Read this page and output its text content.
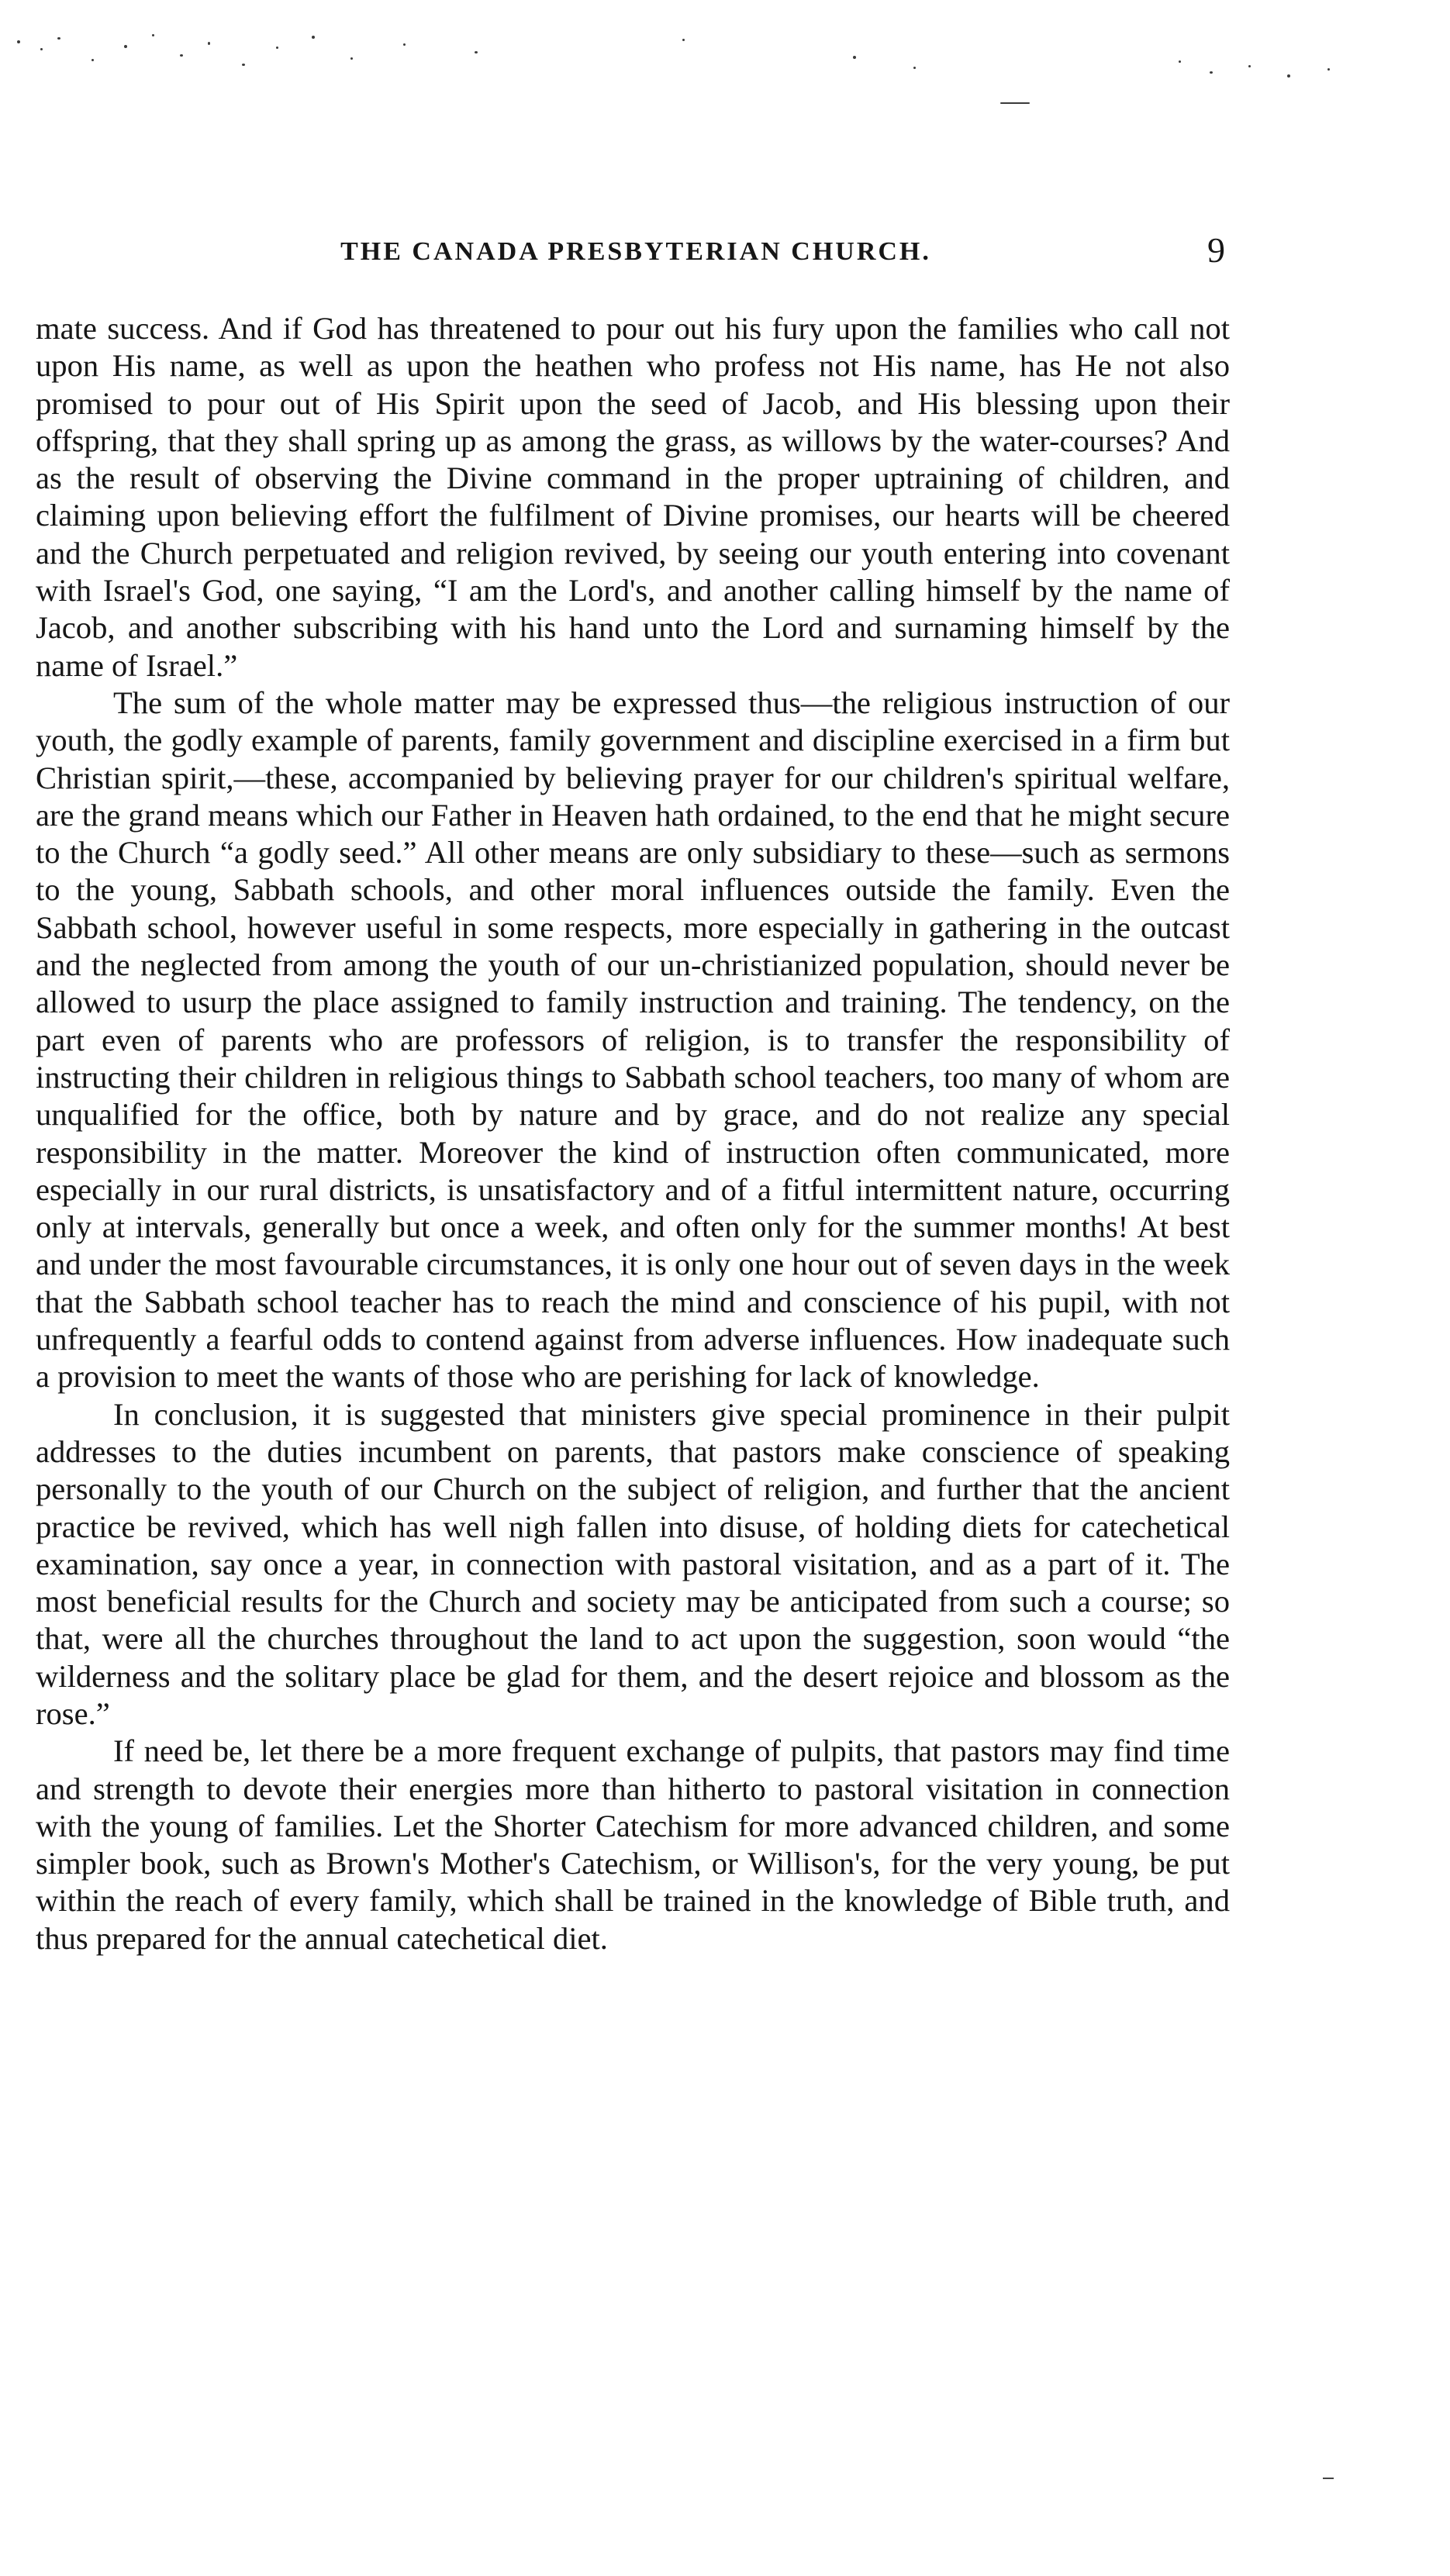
THE CANADA PRESBYTERIAN CHURCH.	9

mate success. And if God has threatened to pour out his fury upon the families who call not upon His name, as well as upon the heathen who profess not His name, has He not also promised to pour out of His Spirit upon the seed of Jacob, and His blessing upon their offspring, that they shall spring up as among the grass, as willows by the water-courses? And as the result of observing the Divine command in the proper uptraining of children, and claiming upon believing effort the fulfilment of Divine promises, our hearts will be cheered and the Church perpetuated and religion revived, by seeing our youth entering into covenant with Israel's God, one saying, “I am the Lord's, and another calling himself by the name of Jacob, and another subscribing with his hand unto the Lord and surnaming himself by the name of Israel.”

The sum of the whole matter may be expressed thus—the religious instruction of our youth, the godly example of parents, family government and discipline exercised in a firm but Christian spirit,—these, accompanied by believing prayer for our children's spiritual welfare, are the grand means which our Father in Heaven hath ordained, to the end that he might secure to the Church “a godly seed.” All other means are only subsidiary to these—such as sermons to the young, Sabbath schools, and other moral influences outside the family. Even the Sabbath school, however useful in some respects, more especially in gathering in the outcast and the neglected from among the youth of our un-christianized population, should never be allowed to usurp the place assigned to family instruction and training. The tendency, on the part even of parents who are professors of religion, is to transfer the responsibility of instructing their children in religious things to Sabbath school teachers, too many of whom are unqualified for the office, both by nature and by grace, and do not realize any special responsibility in the matter. Moreover the kind of instruction often communicated, more especially in our rural districts, is unsatisfactory and of a fitful intermittent nature, occurring only at intervals, generally but once a week, and often only for the summer months! At best and under the most favourable circumstances, it is only one hour out of seven days in the week that the Sabbath school teacher has to reach the mind and conscience of his pupil, with not unfrequently a fearful odds to contend against from adverse influences. How inadequate such a provision to meet the wants of those who are perishing for lack of knowledge.

In conclusion, it is suggested that ministers give special prominence in their pulpit addresses to the duties incumbent on parents, that pastors make conscience of speaking personally to the youth of our Church on the subject of religion, and further that the ancient practice be revived, which has well nigh fallen into disuse, of holding diets for catechetical examination, say once a year, in connection with pastoral visitation, and as a part of it. The most beneficial results for the Church and society may be anticipated from such a course; so that, were all the churches throughout the land to act upon the suggestion, soon would “the wilderness and the solitary place be glad for them, and the desert rejoice and blossom as the rose.”

If need be, let there be a more frequent exchange of pulpits, that pastors may find time and strength to devote their energies more than hitherto to pastoral visitation in connection with the young of families. Let the Shorter Catechism for more advanced children, and some simpler book, such as Brown's Mother's Catechism, or Willison's, for the very young, be put within the reach of every family, which shall be trained in the knowledge of Bible truth, and thus prepared for the annual catechetical diet.
